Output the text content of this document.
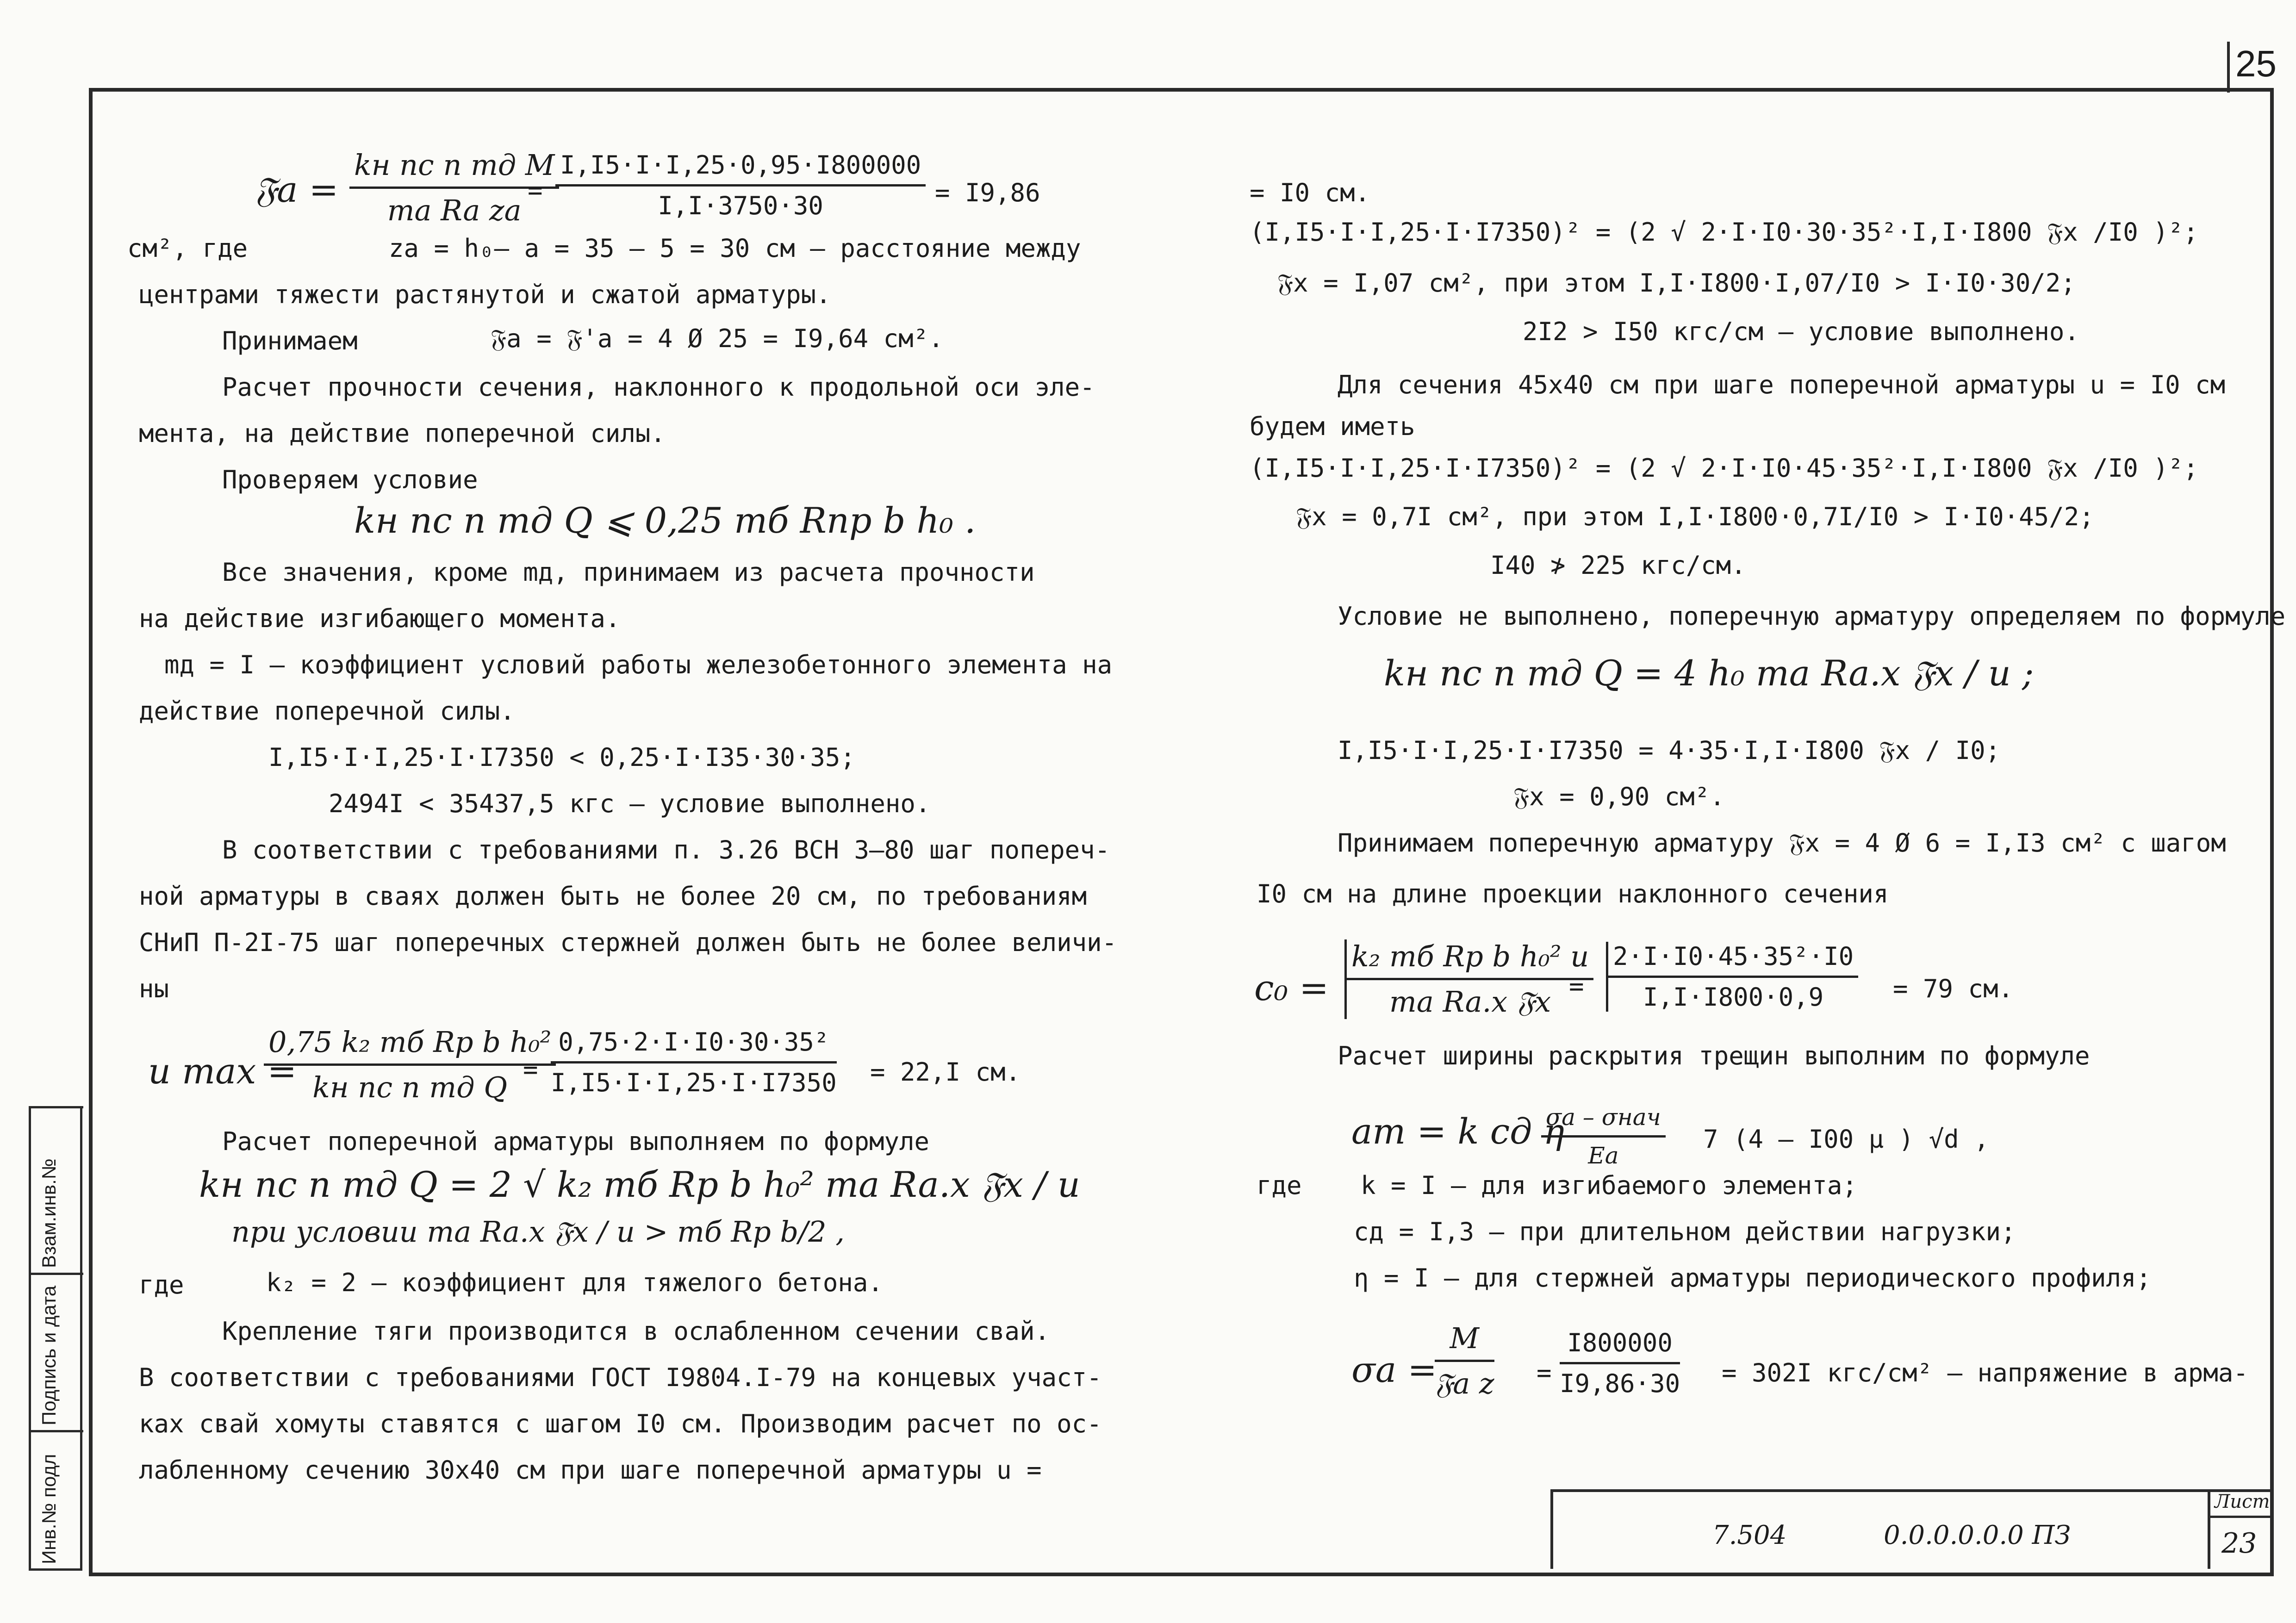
25
Инв.№ подл
Подпись и дата
Взам.инв.№
7.504	0.0.0.0.0.0 ПЗ
Лист
23
𝔉a =
kн nc n mд M
ma Ra za
= $\frac{I,I5\cdot I\cdot I,25\cdot 0,95\cdot I800000}{I,I\cdot 3750\cdot 30} = I9,86$
см², где	za = h₀– a = 35 – 5 = 30 см – расстояние между
центрами тяжести растянутой и сжатой арматуры.
Принимаем	𝔉a = 𝔉'a = 4 Ø 25 = I9,64 см².
Расчет прочности сечения, наклонного к продольной оси эле-
мента, на действие поперечной силы.
Проверяем условие
kн nc n mд Q ⩽ 0,25 mб Rпр b h₀ .
Все значения, кроме mд, принимаем из расчета прочности
на действие изгибающего момента.
mд = I – коэффициент условий работы железобетонного элемента на
действие поперечной силы.
I,I5·I·I,25·I·I7350 < 0,25·I·I35·30·35;
2494I < 35437,5 кгс – условие выполнено.
В соответствии с требованиями п. 3.26 ВСН 3–80 шаг попереч-
ной арматуры в сваях должен быть не более 20 см, по требованиям
СНиП П-2I-75 шаг поперечных стержней должен быть не более величи-
ны
u max =
0,75 k₂ mб Rр b h₀²
kн nc n mд Q
= $\frac{\text{0,75·2·I·I0·30·35²}}{I,I5\cdot I\cdot I,25\cdot I\cdot I7350} = 22,I$ см.
Расчет поперечной арматуры выполняем по формуле
kн nc n mд Q = 2 √ k₂ mб Rр b h₀² ma Ra.x 𝔉x / u
при условии ma Ra.x 𝔉x / u > mб Rр b/2 ,
где	k₂ = 2 – коэффициент для тяжелого бетона.
Крепление тяги производится в ослабленном сечении свай.
В соответствии с требованиями ГОСТ I9804.I-79 на концевых участ-
ках свай хомуты ставятся с шагом I0 см. Производим расчет по ос-
лабленному сечению 30х40 см при шаге поперечной арматуры u =
= I0 см.
(I,I5·I·I,25·I·I7350)² = (2 √ 2·I·I0·30·35²·I,I·I800 𝔉x /I0 )²;
𝔉x = I,07 см², при этом I,I·I800·I,07/I0 > I·I0·30/2;
2I2 > I50 кгс/см – условие выполнено.
Для сечения 45х40 см при шаге поперечной арматуры u = I0 см
будем иметь
(I,I5·I·I,25·I·I7350)² = (2 √ 2·I·I0·45·35²·I,I·I800 𝔉x /I0 )²;
𝔉x = 0,7I см², при этом I,I·I800·0,7I/I0 > I·I0·45/2;
I40 ≯ 225 кгс/см.
Условие не выполнено, поперечную арматуру определяем по формуле
kн nc n mд Q = 4 h₀ ma Ra.x 𝔉x / u ;
I,I5·I·I,25·I·I7350 = 4·35·I,I·I800 𝔉x / I0;
𝔉x = 0,90 см².
Принимаем поперечную арматуру 𝔉x = 4 Ø 6 = I,I3 см² с шагом
I0 см на длине проекции наклонного сечения
c₀ =
k₂ mб Rр b h₀² u
ma Ra.x 𝔉x = $\frac{\text{2·I·I0·45·35²·I0}}{I,I\cdot I800\cdot 0,9} = 79$ см.
Расчет ширины раскрытия трещин выполним по формуле
aт = k cд η
σa – σнач
Ea
7 (4 – I00 μ ) √d ,
где k = I – для изгибаемого элемента;
cд = I,3 – при длительном действии нагрузки;
η = I – для стержней арматуры периодического профиля;
σa =
M
𝔉a $z = \frac{I800000}{I9,86\cdot 30} = 302I$ кгс/см² – напряжение в арма-
